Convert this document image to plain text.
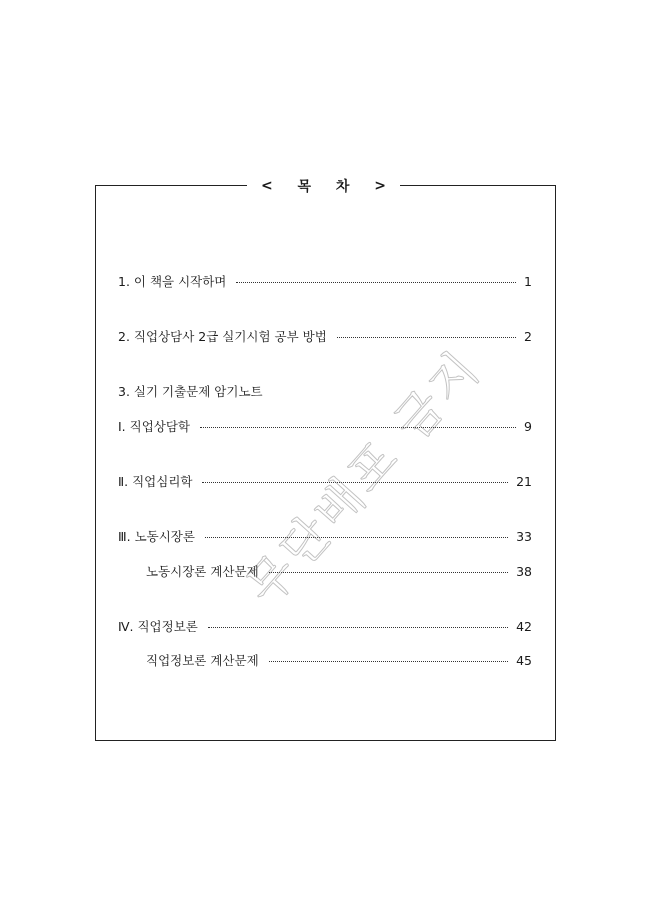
< 목 차 >
1. 이 책을 시작하며	1
2. 직업상담사 2급 실기시험 공부 방법	2
3. 실기 기출문제 암기노트
Ⅰ. 직업상담학	9
Ⅱ. 직업심리학	21
Ⅲ. 노동시장론	33
노동시장론 계산문제	38
Ⅳ. 직업정보론	42
직업정보론 계산문제	45
무단배포 금지
